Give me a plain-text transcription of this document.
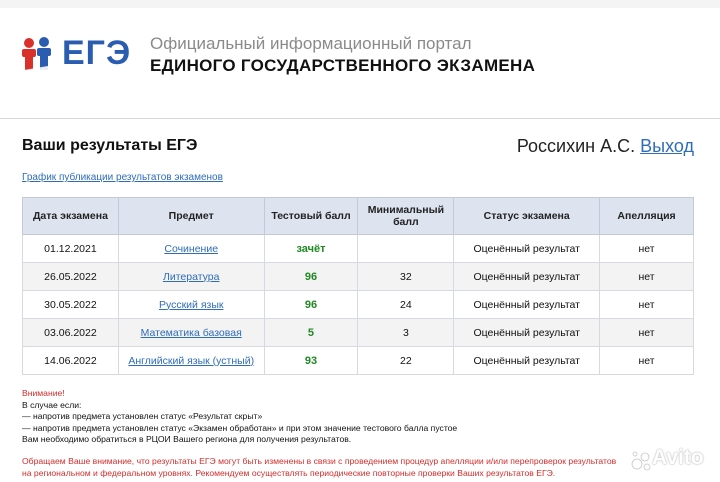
ЕГЭ Официальный информационный портал
ЕДИНОГО ГОСУДАРСТВЕННОГО ЭКЗАМЕНА
Ваши результаты ЕГЭ	Россихин А.С. Выход
График публикации результатов экзаменов
Дата экзамена	Предмет	Тестовый балл	Минимальный балл	Статус экзамена	Апелляция
01.12.2021	Сочинение	зачёт		Оценённый результат	нет
26.05.2022	Литература	96	32	Оценённый результат	нет
30.05.2022	Русский язык	96	24	Оценённый результат	нет
03.06.2022	Математика базовая	5	3	Оценённый результат	нет
14.06.2022	Английский язык (устный)	93	22	Оценённый результат	нет
Внимание!
В случае если:
— напротив предмета установлен статус «Результат скрыт»
— напротив предмета установлен статус «Экзамен обработан» и при этом значение тестового балла пустое
Вам необходимо обратиться в РЦОИ Вашего региона для получения результатов.
Обращаем Ваше внимание, что результаты ЕГЭ могут быть изменены в связи с проведением процедур апелляции и/или перепроверок результатов
на региональном и федеральном уровнях. Рекомендуем осуществлять периодические повторные проверки Ваших результатов ЕГЭ.
Avito
